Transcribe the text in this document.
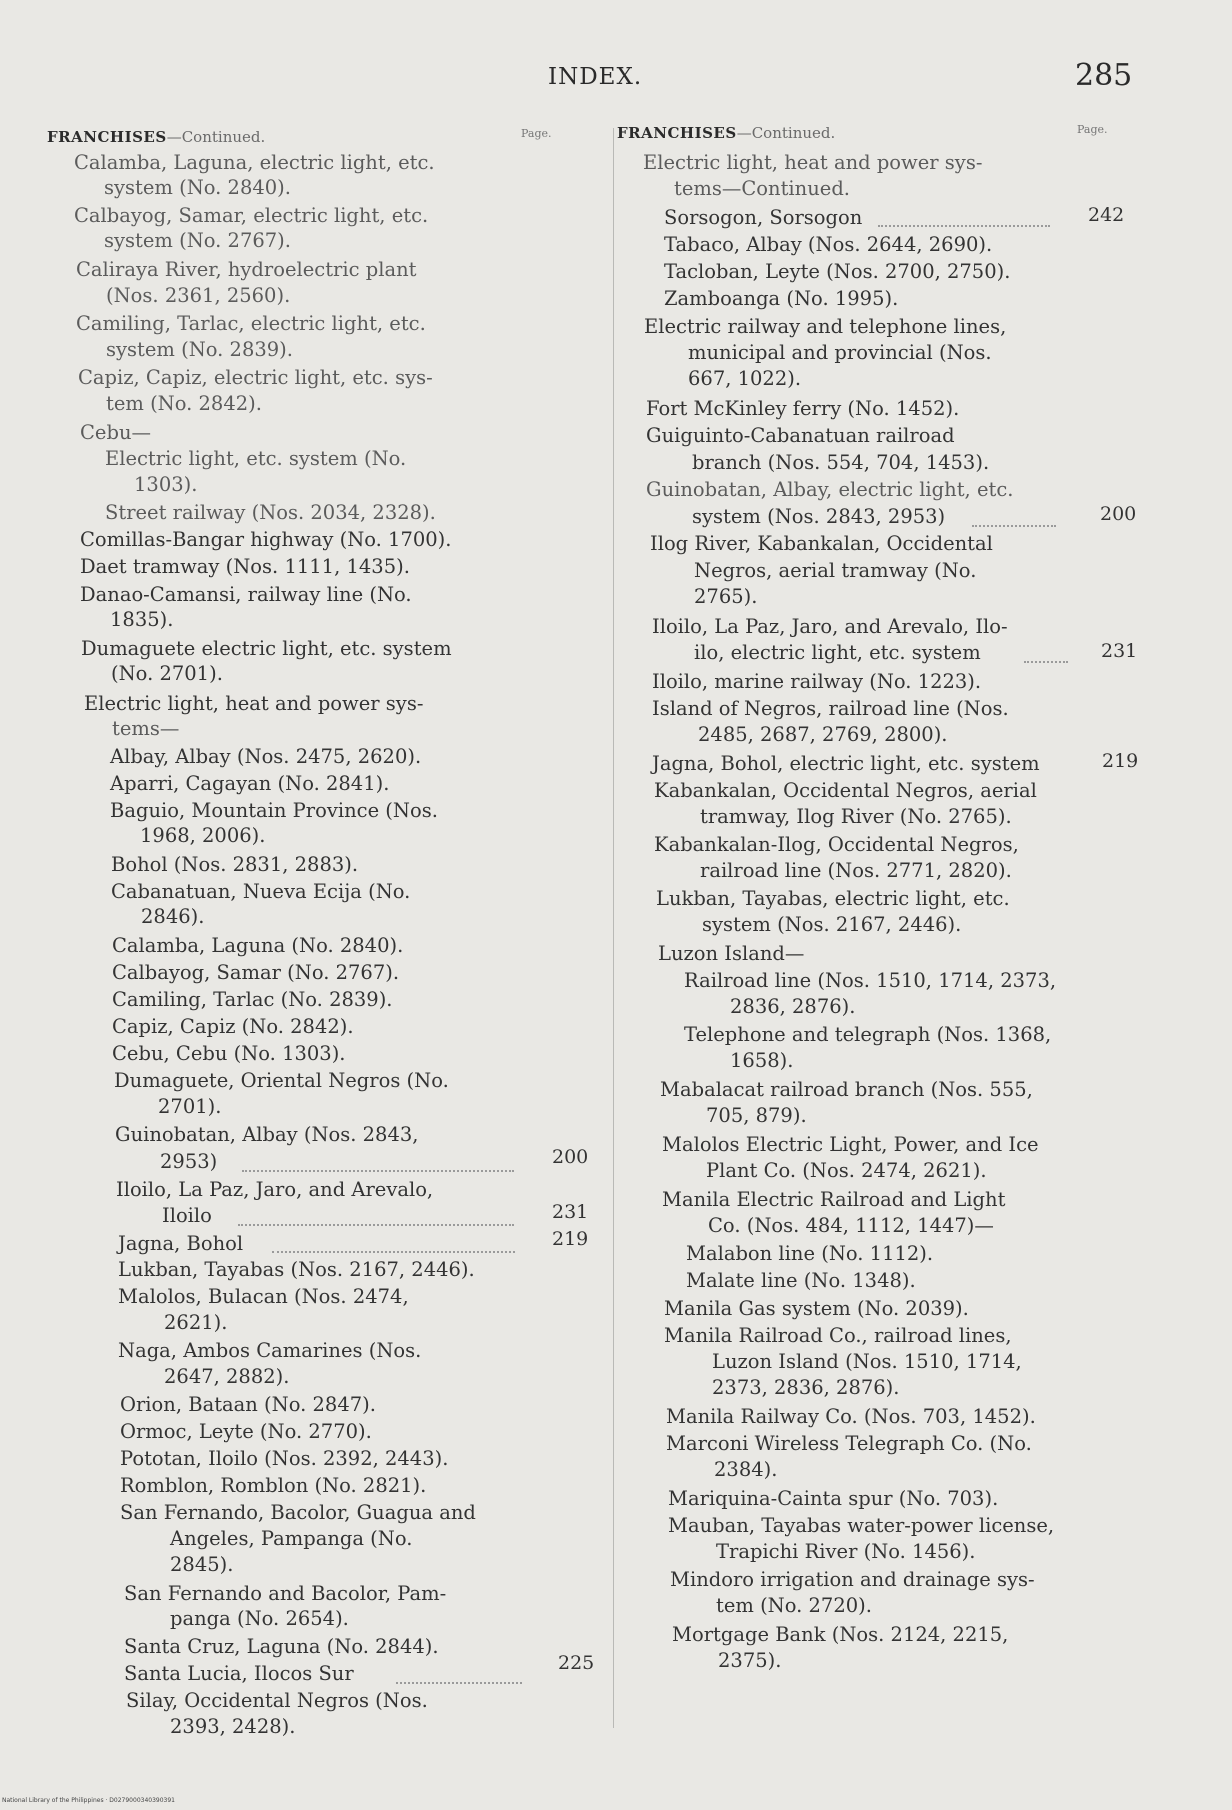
INDEX.	285
FRANCHISES—Continued.	Page.
Calamba, Laguna, electric light, etc.
system (No. 2840).
Calbayog, Samar, electric light, etc.
system (No. 2767).
Caliraya River, hydroelectric plant
(Nos. 2361, 2560).
Camiling, Tarlac, electric light, etc.
system (No. 2839).
Capiz, Capiz, electric light, etc. sys-
tem (No. 2842).
Cebu—
Electric light, etc. system (No.
1303).
Street railway (Nos. 2034, 2328).
Comillas-Bangar highway (No. 1700).
Daet tramway (Nos. 1111, 1435).
Danao-Camansi, railway line (No.
1835).
Dumaguete electric light, etc. system
(No. 2701).
Electric light, heat and power sys-
tems—
Albay, Albay (Nos. 2475, 2620).
Aparri, Cagayan (No. 2841).
Baguio, Mountain Province (Nos.
1968, 2006).
Bohol (Nos. 2831, 2883).
Cabanatuan, Nueva Ecija (No.
2846).
Calamba, Laguna (No. 2840).
Calbayog, Samar (No. 2767).
Camiling, Tarlac (No. 2839).
Capiz, Capiz (No. 2842).
Cebu, Cebu (No. 1303).
Dumaguete, Oriental Negros (No.
2701).
Guinobatan, Albay (Nos. 2843,
2953)	200
Iloilo, La Paz, Jaro, and Arevalo,
Iloilo	231
Jagna, Bohol	219
Lukban, Tayabas (Nos. 2167, 2446).
Malolos, Bulacan (Nos. 2474,
2621).
Naga, Ambos Camarines (Nos.
2647, 2882).
Orion, Bataan (No. 2847).
Ormoc, Leyte (No. 2770).
Pototan, Iloilo (Nos. 2392, 2443).
Romblon, Romblon (No. 2821).
San Fernando, Bacolor, Guagua and
Angeles, Pampanga (No.
2845).
San Fernando and Bacolor, Pam-
panga (No. 2654).
Santa Cruz, Laguna (No. 2844).
Santa Lucia, Ilocos Sur	225
Silay, Occidental Negros (Nos.
2393, 2428).
FRANCHISES—Continued.	Page.
Electric light, heat and power sys-
tems—Continued.
Sorsogon, Sorsogon	242
Tabaco, Albay (Nos. 2644, 2690).
Tacloban, Leyte (Nos. 2700, 2750).
Zamboanga (No. 1995).
Electric railway and telephone lines,
municipal and provincial (Nos.
667, 1022).
Fort McKinley ferry (No. 1452).
Guiguinto-Cabanatuan railroad
branch (Nos. 554, 704, 1453).
Guinobatan, Albay, electric light, etc.
system (Nos. 2843, 2953)	200
Ilog River, Kabankalan, Occidental
Negros, aerial tramway (No.
2765).
Iloilo, La Paz, Jaro, and Arevalo, Ilo-
ilo, electric light, etc. system	231
Iloilo, marine railway (No. 1223).
Island of Negros, railroad line (Nos.
2485, 2687, 2769, 2800).
Jagna, Bohol, electric light, etc. system	219
Kabankalan, Occidental Negros, aerial
tramway, Ilog River (No. 2765).
Kabankalan-Ilog, Occidental Negros,
railroad line (Nos. 2771, 2820).
Lukban, Tayabas, electric light, etc.
system (Nos. 2167, 2446).
Luzon Island—
Railroad line (Nos. 1510, 1714, 2373,
2836, 2876).
Telephone and telegraph (Nos. 1368,
1658).
Mabalacat railroad branch (Nos. 555,
705, 879).
Malolos Electric Light, Power, and Ice
Plant Co. (Nos. 2474, 2621).
Manila Electric Railroad and Light
Co. (Nos. 484, 1112, 1447)—
Malabon line (No. 1112).
Malate line (No. 1348).
Manila Gas system (No. 2039).
Manila Railroad Co., railroad lines,
Luzon Island (Nos. 1510, 1714,
2373, 2836, 2876).
Manila Railway Co. (Nos. 703, 1452).
Marconi Wireless Telegraph Co. (No.
2384).
Mariquina-Cainta spur (No. 703).
Mauban, Tayabas water-power license,
Trapichi River (No. 1456).
Mindoro irrigation and drainage sys-
tem (No. 2720).
Mortgage Bank (Nos. 2124, 2215,
2375).
National Library of the Philippines · D0279000340390391
